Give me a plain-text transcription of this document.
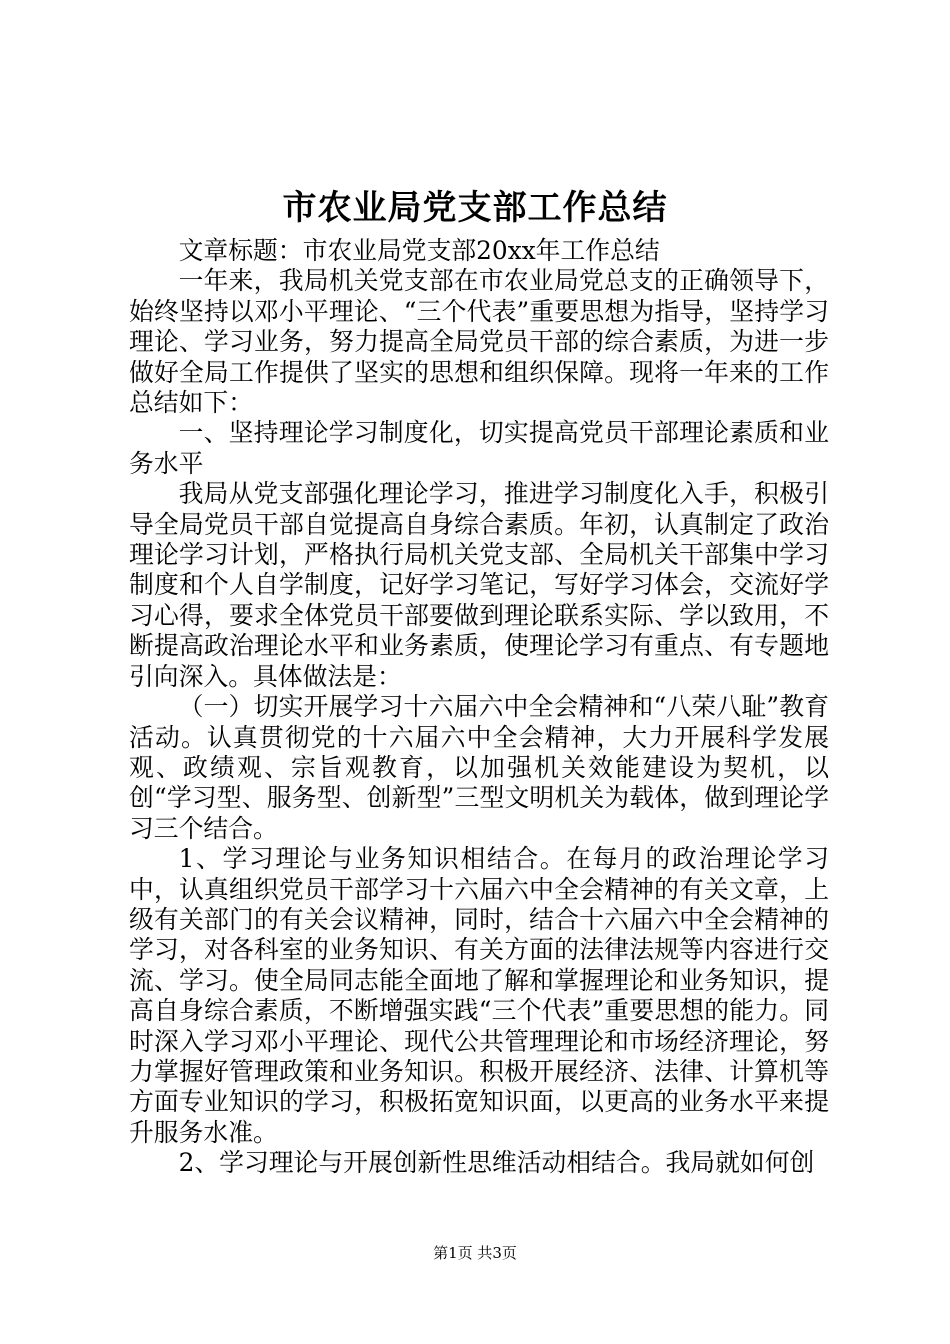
市农业局党支部工作总结

文章标题：市农业局党支部20xx年工作总结

一年来，我局机关党支部在市农业局党总支的正确领导下，始终坚持以邓小平理论、“三个代表”重要思想为指导，坚持学习理论、学习业务，努力提高全局党员干部的综合素质，为进一步做好全局工作提供了坚实的思想和组织保障。现将一年来的工作总结如下：

一、坚持理论学习制度化，切实提高党员干部理论素质和业务水平

我局从党支部强化理论学习，推进学习制度化入手，积极引导全局党员干部自觉提高自身综合素质。年初，认真制定了政治理论学习计划，严格执行局机关党支部、全局机关干部集中学习制度和个人自学制度，记好学习笔记，写好学习体会，交流好学习心得，要求全体党员干部要做到理论联系实际、学以致用，不断提高政治理论水平和业务素质，使理论学习有重点、有专题地引向深入。具体做法是：

（一）切实开展学习十六届六中全会精神和“八荣八耻”教育活动。认真贯彻党的十六届六中全会精神，大力开展科学发展观、政绩观、宗旨观教育，以加强机关效能建设为契机，以创“学习型、服务型、创新型”三型文明机关为载体，做到理论学习三个结合。

1、学习理论与业务知识相结合。在每月的政治理论学习中，认真组织党员干部学习十六届六中全会精神的有关文章，上级有关部门的有关会议精神，同时，结合十六届六中全会精神的学习，对各科室的业务知识、有关方面的法律法规等内容进行交流、学习。使全局同志能全面地了解和掌握理论和业务知识，提高自身综合素质，不断增强实践“三个代表”重要思想的能力。同时深入学习邓小平理论、现代公共管理理论和市场经济理论，努力掌握好管理政策和业务知识。积极开展经济、法律、计算机等方面专业知识的学习，积极拓宽知识面，以更高的业务水平来提升服务水准。

2、学习理论与开展创新性思维活动相结合。我局就如何创

第1页 共3页
